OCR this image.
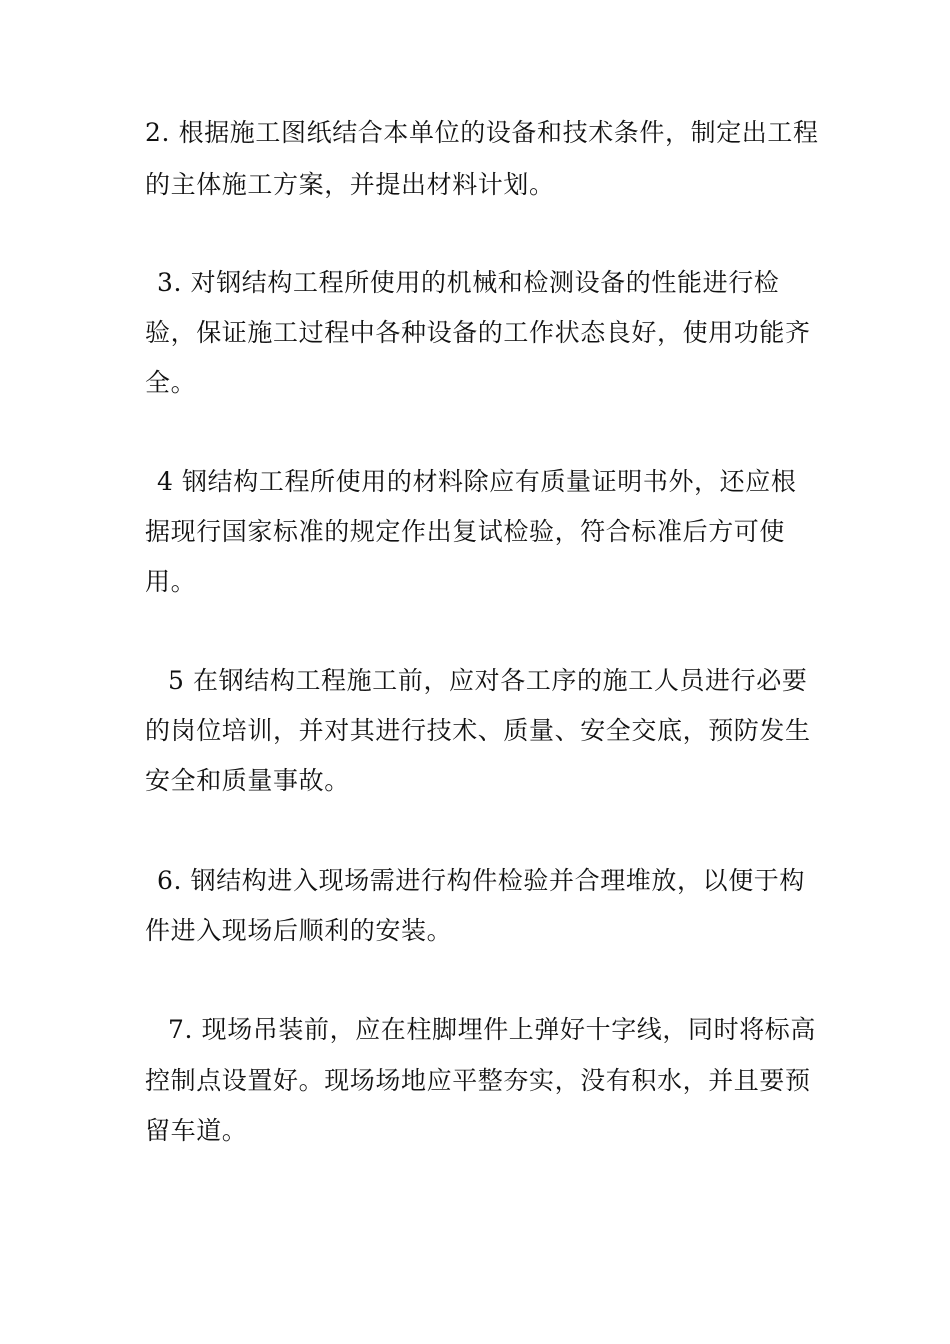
2. 根据施工图纸结合本单位的设备和技术条件，制定出工程
的主体施工方案，并提出材料计划。
3. 对钢结构工程所使用的机械和检测设备的性能进行检
验，保证施工过程中各种设备的工作状态良好，使用功能齐
全。
4 钢结构工程所使用的材料除应有质量证明书外，还应根
据现行国家标准的规定作出复试检验，符合标准后方可使
用。
5 在钢结构工程施工前，应对各工序的施工人员进行必要
的岗位培训，并对其进行技术、质量、安全交底，预防发生
安全和质量事故。
6. 钢结构进入现场需进行构件检验并合理堆放，以便于构
件进入现场后顺利的安装。
7. 现场吊装前，应在柱脚埋件上弹好十字线，同时将标高
控制点设置好。现场场地应平整夯实，没有积水，并且要预
留车道。
